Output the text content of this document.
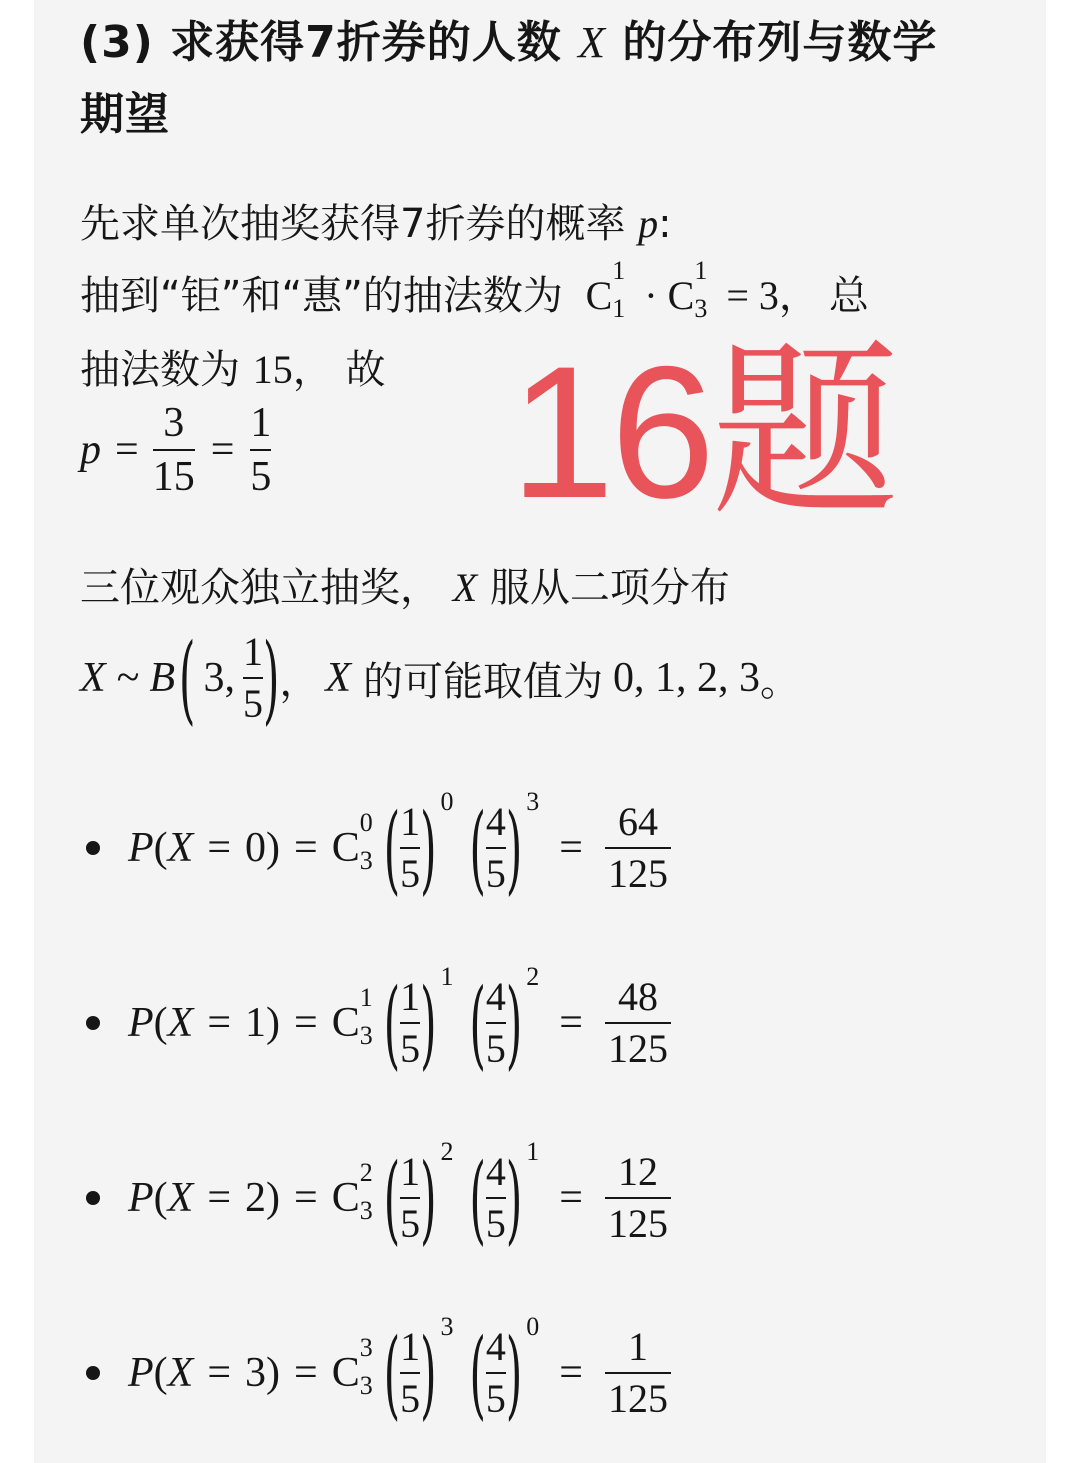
(3) 求获得7折券的人数 X 的分布列与数学
期望
先求单次抽奖获得7折券的概率 p:
抽到“钜”和“惠”的抽法数为 C
1
1 · C
1
3 = 3， 总
抽法数为 15， 故
$p = \frac{3}{15} = \frac{1}{5} 16$题
三位观众独立抽奖， X 服从二项分布
X ~ B ( 3, $\frac{1}{5}$ ) ， X 的可能取值为 0, 1, 2, 3 。
P ( X = 0 ) = C
0
3 ( $\frac{1}{5}$ ) 0 ( $\frac{4}{5}$ ) 3
= $\frac{64}{125}$
P ( X = 1 ) = C
1
3 ( $\frac{1}{5}$ ) 1 ( $\frac{4}{5}$ ) 2
= $\frac{48}{125}$
P ( X = 2 ) = C
2
3 ( $\frac{1}{5}$ ) 2 ( $\frac{4}{5}$ ) 1
= $\frac{12}{125}$
P ( X = 3 ) = C
3
3 ( $\frac{1}{5}$ ) 3 ( $\frac{4}{5}$ ) 0
= $\frac{1}{125}$
